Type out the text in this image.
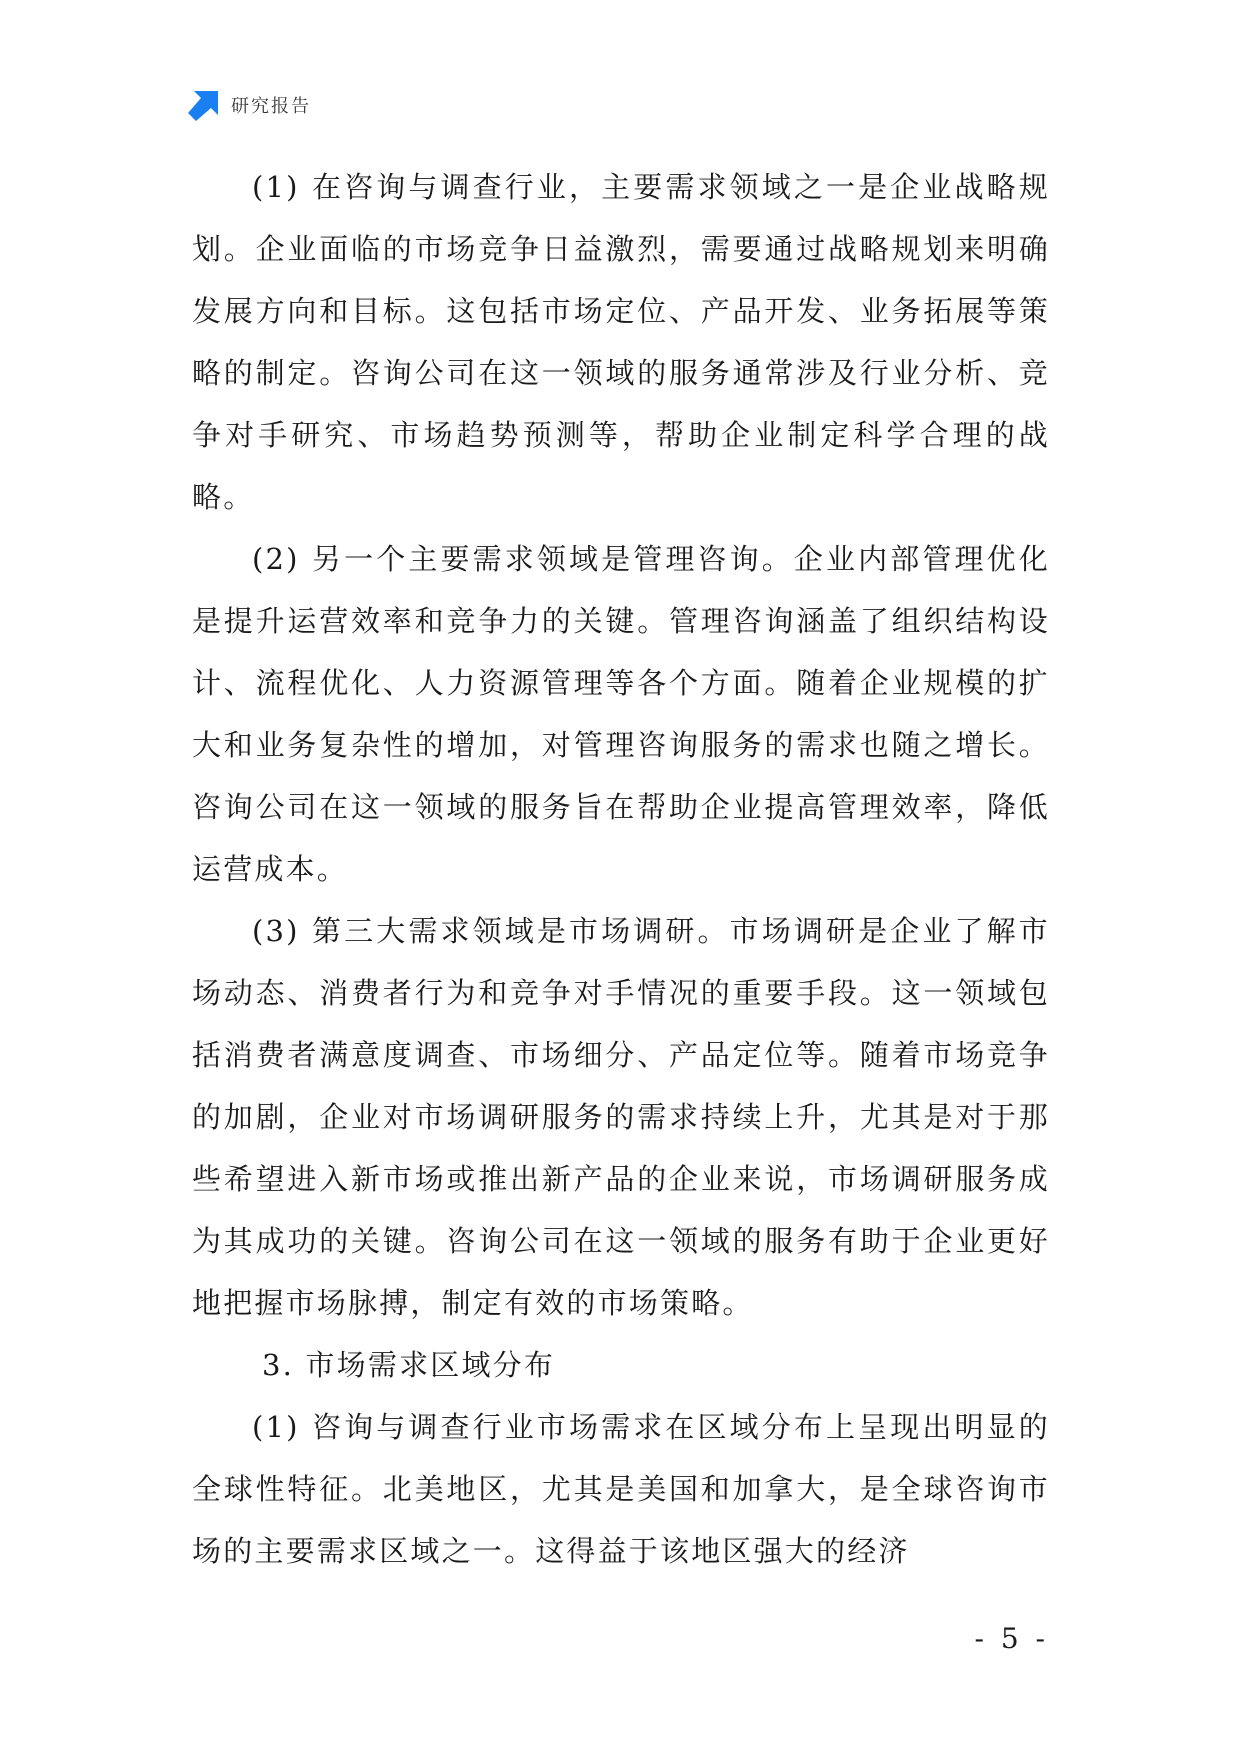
研究报告

(1) 在咨询与调查行业，主要需求领域之一是企业战略规划。企业面临的市场竞争日益激烈，需要通过战略规划来明确发展方向和目标。这包括市场定位、产品开发、业务拓展等策略的制定。咨询公司在这一领域的服务通常涉及行业分析、竞争对手研究、市场趋势预测等，帮助企业制定科学合理的战略。

(2) 另一个主要需求领域是管理咨询。企业内部管理优化是提升运营效率和竞争力的关键。管理咨询涵盖了组织结构设计、流程优化、人力资源管理等各个方面。随着企业规模的扩大和业务复杂性的增加，对管理咨询服务的需求也随之增长。咨询公司在这一领域的服务旨在帮助企业提高管理效率，降低运营成本。

(3) 第三大需求领域是市场调研。市场调研是企业了解市场动态、消费者行为和竞争对手情况的重要手段。这一领域包括消费者满意度调查、市场细分、产品定位等。随着市场竞争的加剧，企业对市场调研服务的需求持续上升，尤其是对于那些希望进入新市场或推出新产品的企业来说，市场调研服务成为其成功的关键。咨询公司在这一领域的服务有助于企业更好地把握市场脉搏，制定有效的市场策略。

3. 市场需求区域分布

(1) 咨询与调查行业市场需求在区域分布上呈现出明显的全球性特征。北美地区，尤其是美国和加拿大，是全球咨询市场的主要需求区域之一。这得益于该地区强大的经济

- 5 -
